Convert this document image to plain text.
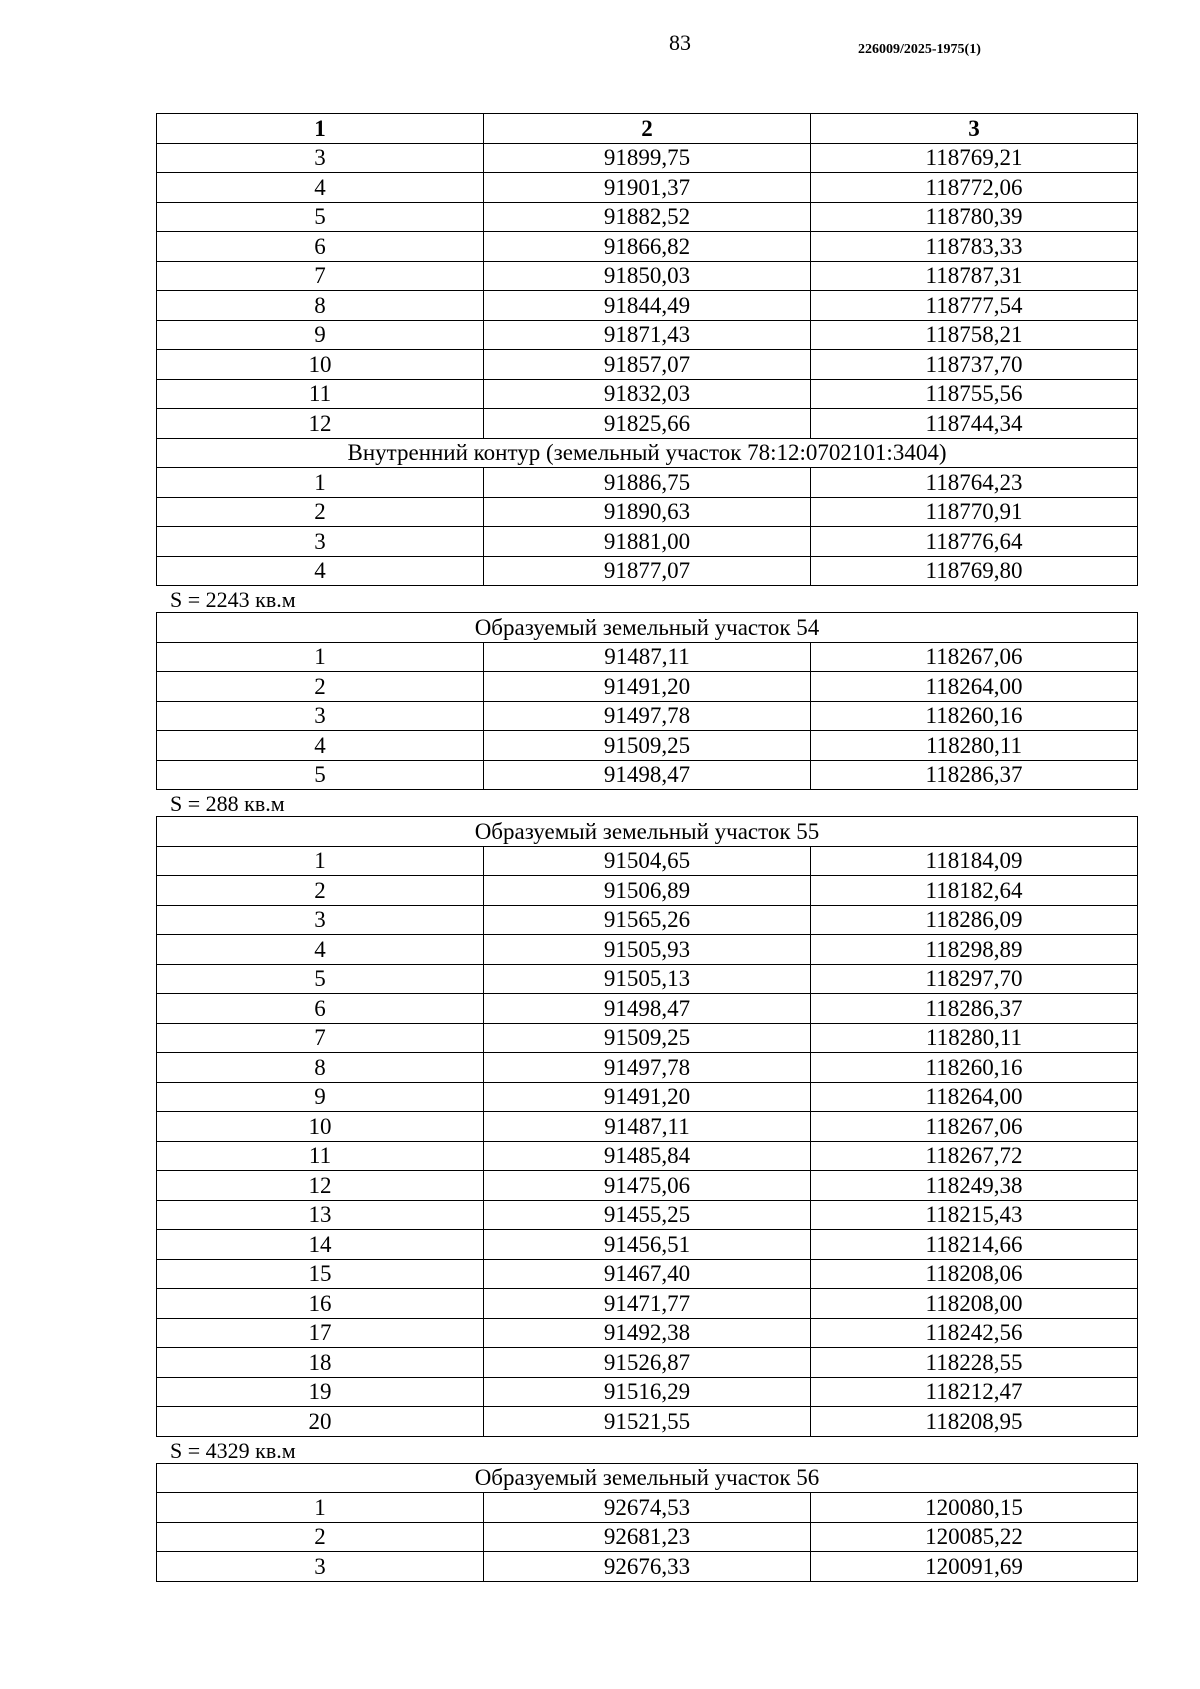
83	226009/2025-1975(1)
1	2	3
3	91899,75	118769,21
4	91901,37	118772,06
5	91882,52	118780,39
6	91866,82	118783,33
7	91850,03	118787,31
8	91844,49	118777,54
9	91871,43	118758,21
10	91857,07	118737,70
11	91832,03	118755,56
12	91825,66	118744,34
Внутренний контур (земельный участок 78:12:0702101:3404)		
1	91886,75	118764,23
2	91890,63	118770,91
3	91881,00	118776,64
4	91877,07	118769,80
S = 2243 кв.м
Образуемый земельный участок 54		
1	91487,11	118267,06
2	91491,20	118264,00
3	91497,78	118260,16
4	91509,25	118280,11
5	91498,47	118286,37
S = 288 кв.м
Образуемый земельный участок 55		
1	91504,65	118184,09
2	91506,89	118182,64
3	91565,26	118286,09
4	91505,93	118298,89
5	91505,13	118297,70
6	91498,47	118286,37
7	91509,25	118280,11
8	91497,78	118260,16
9	91491,20	118264,00
10	91487,11	118267,06
11	91485,84	118267,72
12	91475,06	118249,38
13	91455,25	118215,43
14	91456,51	118214,66
15	91467,40	118208,06
16	91471,77	118208,00
17	91492,38	118242,56
18	91526,87	118228,55
19	91516,29	118212,47
20	91521,55	118208,95
S = 4329 кв.м
Образуемый земельный участок 56		
1	92674,53	120080,15
2	92681,23	120085,22
3	92676,33	120091,69
